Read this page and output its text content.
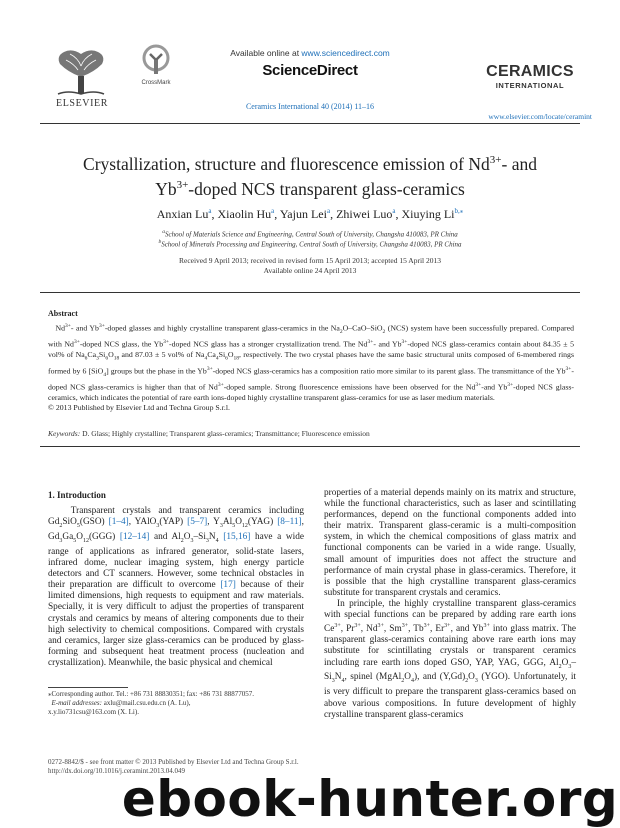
ELSEVIER
CrossMark
Available online at www.sciencedirect.com
ScienceDirect
Ceramics International 40 (2014) 11–16
CERAMICS
INTERNATIONAL
www.elsevier.com/locate/ceramint
Crystallization, structure and fluorescence emission of $Nd^{3+}-$ and
$Yb^{3+}$-doped NCS transparent glass-ceramics
Anxian Lu$^a$, Xiaolin Hu$^a$, Yajun Lei$^a$, Zhiwei Luo$^a$, Xiuying $Li^{b,⁎}$
$^a$School of Materials Science and Engineering, Central South of University, Changsha 410083, PR China
$^b$School of Minerals Processing and Engineering, Central South of University, Changsha 410083, PR China
Received 9 April 2013; received in revised form 15 April 2013; accepted 15 April 2013
Available online 24 April 2013
Abstract
$Nd^{3+}-$ and $Yb^{3+}$-doped glasses and highly crystalline transparent glass-ceramics in the $Na_2O-CaO-SiO_2$ (NCS) system have been successfully prepared. Compared with $Nd^{3+}$-doped NCS glass, the $Yb^{3+}$-doped NCS glass has a stronger crystallization trend. The $Nd^{3+}-$ and $Yb^{3+}$-doped NCS glass-ceramics contain about 84.35 ± 5 vol% of $Na_6Ca_3Si_6O_{18}$ and 87.03 ± 5 vol% of $Na_4Ca_4Si_6O_{18}$, respectively. The two crystal phases have the same basic structural units composed of 6-membered rings formed by 6 [SiO$_4$] groups but the phase in the $Yb^{3+}$-doped NCS glass-ceramics has a composition ratio more similar to its parent glass. The transmittance of the $Yb^{3+}$-doped NCS glass-ceramics is higher than that of $Nd^{3+}$-doped sample. Strong fluorescence emissions have been observed for the $Nd^{3+}$-and $Yb^{3+}$-doped NCS glass-ceramics, which indicates the potential of rare earth ions-doped highly crystalline transparent glass-ceramics for use as laser medium materials.
© 2013 Published by Elsevier Ltd and Techna Group S.r.l.
Keywords: D. Glass; Highly crystalline; Transparent glass-ceramics; Transmittance; Fluorescence emission
1. Introduction
Transparent crystals and transparent ceramics including $Gd_2SiO_5(GSO)$ [1–4], YAlO$_3$(YAP) [5–7], $Y_3Al_5O_{12}(YAG)$ [8–11], $Gd_3Ga_5O_{12}(GGG)$ [12–14] and $Al_2O_3-Si_3N_4$ [15,16] have a wide range of applications as infrared generator, solid-state lasers, infrared dome, nuclear imaging system, high energy particle detectors and CT scanners. However, some technical obstacles in their preparation are difficult to overcome [17] because of their limited dimensions, high requests to equipment and raw materials. Specially, it is very difficult to adjust the properties of transparent crystals and ceramics by means of altering components due to their high selectivity to chemical compositions. Compared with crystals and ceramics, larger size glass-ceramics can be produced by glass-forming and subsequent heat treatment process (nucleation and crystallization). Meanwhile, the basic physical and chemical
properties of a material depends mainly on its matrix and structure, while the functional characteristics, such as laser and scintillating performances, depend on the functional components added into their matrix. Transparent glass-ceramic is a multi-composition system, in which the chemical compositions of glass matrix and functional components can be varied in a wide range. Usually, small amount of impurities does not affect the structure and performance of main crystal phase in glass-ceramics. Therefore, it is possible that the high crystalline transparent glass-ceramics substitute for transparent crystals and ceramics.
In principle, the highly crystalline transparent glass-ceramics with special functions can be prepared by adding rare earth ions $Ce^{3+}$, $Pr^{3+}$, $Nd^{3+}$, $Sm^{3+}$, $Tb^{3+}$, $Er^{3+}$, and $Yb^{3+}$ into glass matrix. The transparent glass-ceramics containing above rare earth ions may substitute for scintillating crystals or transparent ceramics including rare earth ions doped GSO, YAP, YAG, GGG, $Al_2O_3-Si_3N_4$, spinel $(MgAl_2O_4)$, and $(Y,Gd)_2O_3$ (YGO). Unfortunately, it is very difficult to prepare the transparent glass-ceramics based on above various compositions. In future development of highly crystalline transparent glass-ceramics
⁎Corresponding author. Tel.: +86 731 88830351; fax: +86 731 88877057.
E-mail addresses: axlu@mail.csu.edu.cn (A. Lu),
x.y.lio731csu@163.com (X. Li).
0272-8842/$ - see front matter © 2013 Published by Elsevier Ltd and Techna Group S.r.l.
http://dx.doi.org/10.1016/j.ceramint.2013.04.049
ebook-hunter.org
